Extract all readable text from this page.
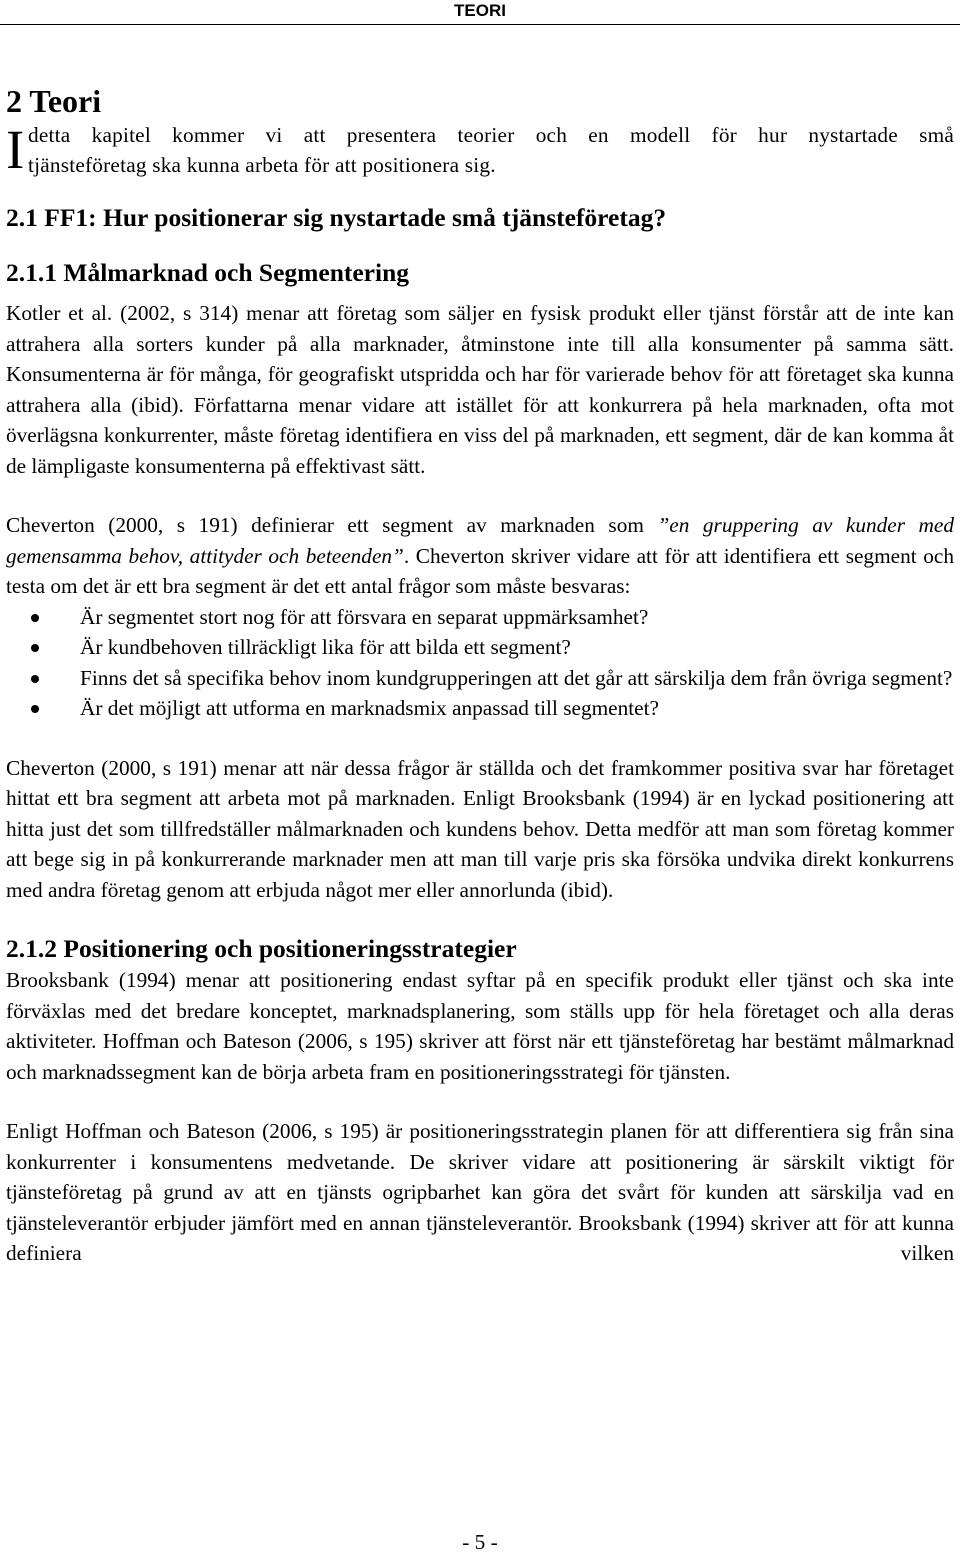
TEORI
2 Teori
I detta kapitel kommer vi att presentera teorier och en modell för hur nystartade små

tjänsteföretag ska kunna arbeta för att positionera sig.

2.1 FF1: Hur positionerar sig nystartade små tjänsteföretag?
2.1.1 Målmarknad och Segmentering

Kotler et al. (2002, s 314) menar att företag som säljer en fysisk produkt eller tjänst förstår att de inte kan attrahera alla sorters kunder på alla marknader, åtminstone inte till alla konsumenter på samma sätt. Konsumenterna är för många, för geografiskt utspridda och har för varierade behov för att företaget ska kunna attrahera alla (ibid). Författarna menar vidare att istället för att konkurrera på hela marknaden, ofta mot överlägsna konkurrenter, måste företag identifiera en viss del på marknaden, ett segment, där de kan komma åt de lämpligaste konsumenterna på effektivast sätt.

Cheverton (2000, s 191) definierar ett segment av marknaden som ”en gruppering av kunder med gemensamma behov, attityder och beteenden”. Cheverton skriver vidare att för att identifiera ett segment och testa om det är ett bra segment är det ett antal frågor som måste besvaras:

Är segmentet stort nog för att försvara en separat uppmärksamhet?
Är kundbehoven tillräckligt lika för att bilda ett segment?
Finns det så specifika behov inom kundgrupperingen att det går att särskilja dem från övriga segment?
Är det möjligt att utforma en marknadsmix anpassad till segmentet?

Cheverton (2000, s 191) menar att när dessa frågor är ställda och det framkommer positiva svar har företaget hittat ett bra segment att arbeta mot på marknaden. Enligt Brooksbank (1994) är en lyckad positionering att hitta just det som tillfredställer målmarknaden och kundens behov. Detta medför att man som företag kommer att bege sig in på konkurrerande marknader men att man till varje pris ska försöka undvika direkt konkurrens med andra företag genom att erbjuda något mer eller annorlunda (ibid).

2.1.2 Positionering och positioneringsstrategier

Brooksbank (1994) menar att positionering endast syftar på en specifik produkt eller tjänst och ska inte förväxlas med det bredare konceptet, marknadsplanering, som ställs upp för hela företaget och alla deras aktiviteter. Hoffman och Bateson (2006, s 195) skriver att först när ett tjänsteföretag har bestämt målmarknad och marknadssegment kan de börja arbeta fram en positioneringsstrategi för tjänsten.

Enligt Hoffman och Bateson (2006, s 195) är positioneringsstrategin planen för att differentiera sig från sina konkurrenter i konsumentens medvetande. De skriver vidare att positionering är särskilt viktigt för tjänsteföretag på grund av att en tjänsts ogripbarhet kan göra det svårt för kunden att särskilja vad en tjänsteleverantör erbjuder jämfört med en annan tjänsteleverantör. Brooksbank (1994) skriver att för att kunna definiera vilken

- 5 -
